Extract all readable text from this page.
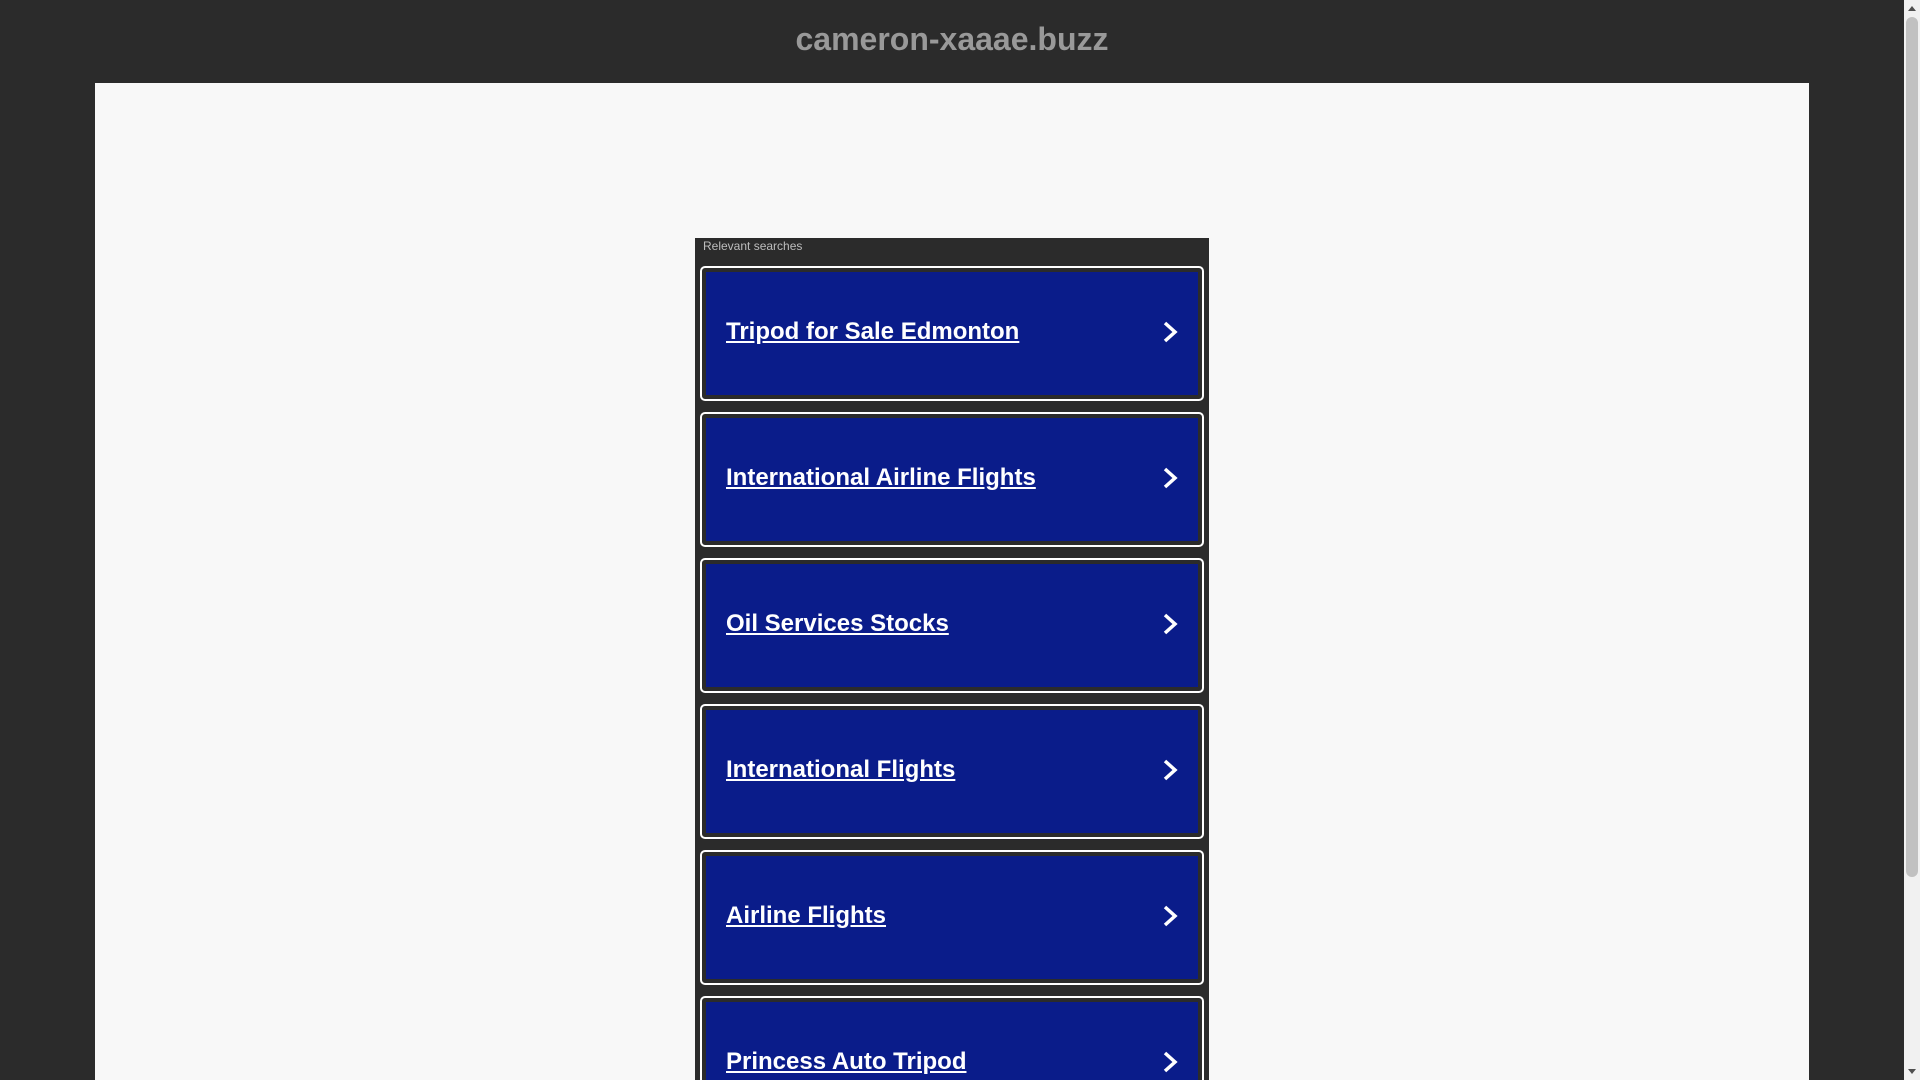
cameron-xaaae.buzz
Relevant searches
Tripod for Sale Edmonton
International Airline Flights
Oil Services Stocks
International Flights
Airline Flights
Princess Auto Tripod
